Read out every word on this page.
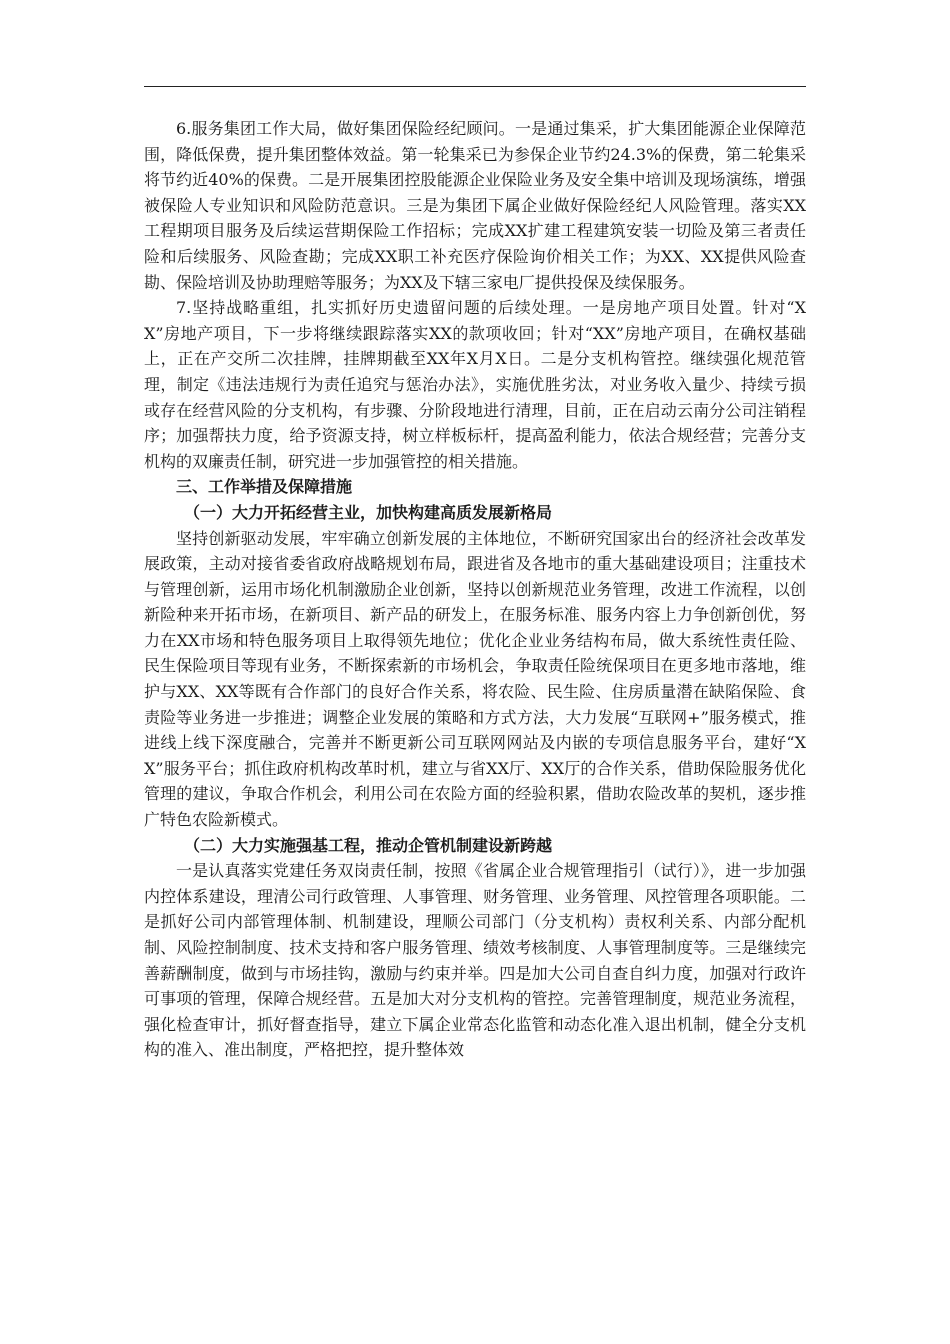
6.服务集团工作大局，做好集团保险经纪顾问。一是通过集采，扩大集团能源企业保障范围，降低保费，提升集团整体效益。第一轮集采已为参保企业节约24.3%的保费，第二轮集采将节约近40%的保费。二是开展集团控股能源企业保险业务及安全集中培训及现场演练，增强被保险人专业知识和风险防范意识。三是为集团下属企业做好保险经纪人风险管理。落实XX工程期项目服务及后续运营期保险工作招标；完成XX扩建工程建筑安装一切险及第三者责任险和后续服务、风险查勘；完成XX职工补充医疗保险询价相关工作；为XX、XX提供风险查勘、保险培训及协助理赔等服务；为XX及下辖三家电厂提供投保及续保服务。

7.坚持战略重组，扎实抓好历史遗留问题的后续处理。一是房地产项目处置。针对“XX”房地产项目，下一步将继续跟踪落实XX的款项收回；针对“XX”房地产项目，在确权基础上，正在产交所二次挂牌，挂牌期截至XX年X月X日。二是分支机构管控。继续强化规范管理，制定《违法违规行为责任追究与惩治办法》，实施优胜劣汰，对业务收入量少、持续亏损或存在经营风险的分支机构，有步骤、分阶段地进行清理，目前，正在启动云南分公司注销程序；加强帮扶力度，给予资源支持，树立样板标杆，提高盈利能力，依法合规经营；完善分支机构的双廉责任制，研究进一步加强管控的相关措施。

三、工作举措及保障措施

（一）大力开拓经营主业，加快构建高质发展新格局

坚持创新驱动发展，牢牢确立创新发展的主体地位，不断研究国家出台的经济社会改革发展政策，主动对接省委省政府战略规划布局，跟进省及各地市的重大基础建设项目；注重技术与管理创新，运用市场化机制激励企业创新，坚持以创新规范业务管理，改进工作流程，以创新险种来开拓市场，在新项目、新产品的研发上，在服务标准、服务内容上力争创新创优，努力在XX市场和特色服务项目上取得领先地位；优化企业业务结构布局，做大系统性责任险、民生保险项目等现有业务，不断探索新的市场机会，争取责任险统保项目在更多地市落地，维护与XX、XX等既有合作部门的良好合作关系，将农险、民生险、住房质量潜在缺陷保险、食责险等业务进一步推进；调整企业发展的策略和方式方法，大力发展“互联网+”服务模式，推进线上线下深度融合，完善并不断更新公司互联网网站及内嵌的专项信息服务平台，建好“XX”服务平台；抓住政府机构改革时机，建立与省XX厅、XX厅的合作关系，借助保险服务优化管理的建议，争取合作机会，利用公司在农险方面的经验积累，借助农险改革的契机，逐步推广特色农险新模式。

（二）大力实施强基工程，推动企管机制建设新跨越

一是认真落实党建任务双岗责任制，按照《省属企业合规管理指引（试行）》，进一步加强内控体系建设，理清公司行政管理、人事管理、财务管理、业务管理、风控管理各项职能。二是抓好公司内部管理体制、机制建设，理顺公司部门（分支机构）责权利关系、内部分配机制、风险控制制度、技术支持和客户服务管理、绩效考核制度、人事管理制度等。三是继续完善薪酬制度，做到与市场挂钩，激励与约束并举。四是加大公司自查自纠力度，加强对行政许可事项的管理，保障合规经营。五是加大对分支机构的管控。完善管理制度，规范业务流程，强化检查审计，抓好督查指导，建立下属企业常态化监管和动态化准入退出机制，健全分支机构的准入、准出制度，严格把控，提升整体效
